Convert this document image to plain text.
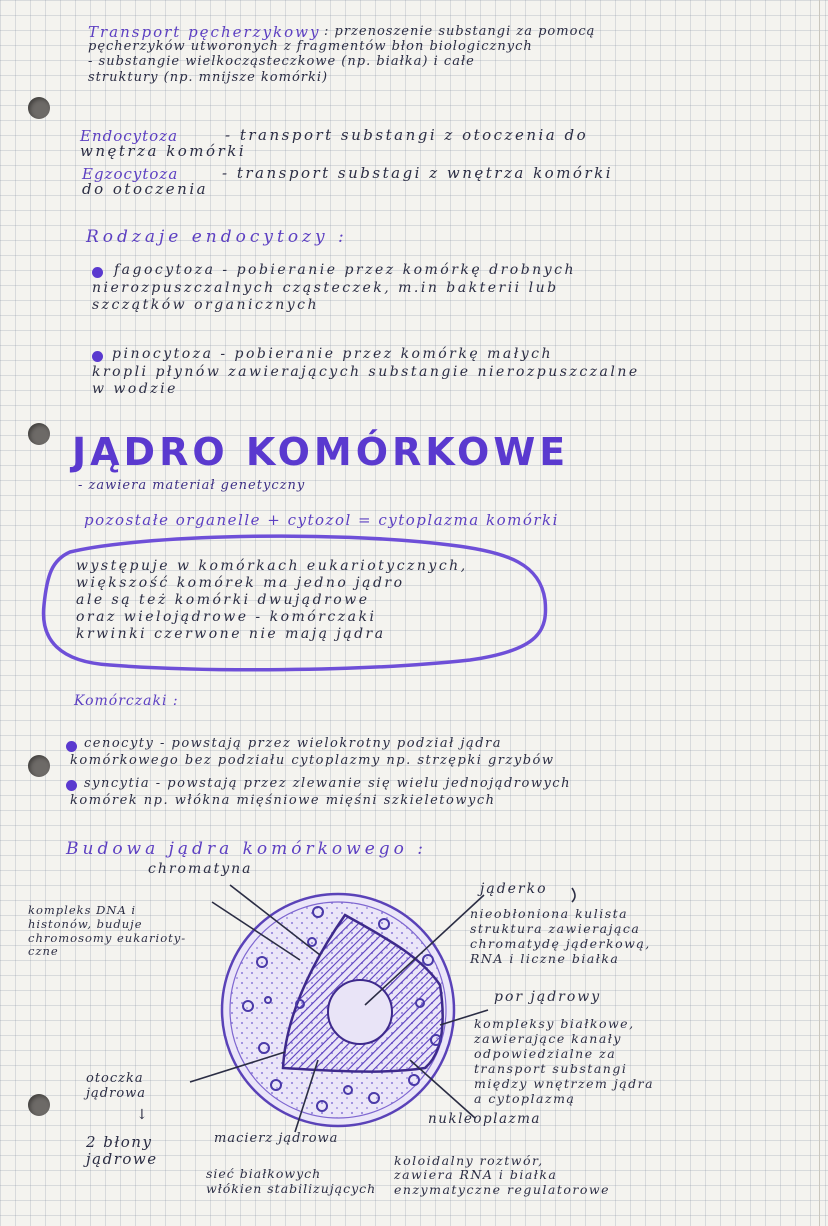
Transport pęcherzykowy : przenoszenie substangi za pomocą
pęcherzyków utworonych z fragmentów błon biologicznych
- substangie wielkocząsteczkowe (np. białka) i całe
struktury (np. mnijsze komórki)
Endocytoza	- transport substangi z otoczenia do
wnętrza komórki
Egzocytoza	- transport substagi z wnętrza komórki
do otoczenia
Rodzaje endocytozy :
fagocytoza - pobieranie przez komórkę drobnych
nierozpuszczalnych cząsteczek, m.in bakterii lub
szczątków organicznych
pinocytoza - pobieranie przez komórkę małych
kropli płynów zawierających substangie nierozpuszczalne
w wodzie
JĄDRO KOMÓRKOWE
- zawiera materiał genetyczny
pozostałe organelle + cytozol = cytoplazma komórki
występuje w komórkach eukariotycznych,
większość komórek ma jedno jądro
ale są też komórki dwujądrowe
oraz wielojądrowe - komórczaki
krwinki czerwone nie mają jądra
Komórczaki :
cenocyty - powstają przez wielokrotny podział jądra
komórkowego bez podziału cytoplazmy np. strzępki grzybów
syncytia - powstają przez zlewanie się wielu jednojądrowych
komórek np. włókna mięśniowe mięśni szkieletowych
Budowa jądra komórkowego :
chromatyna
kompleks DNA i
histonów, buduje
chromosomy eukarioty-
czne
jąderko
nieobłoniona kulista
struktura zawierająca
chromatydę jąderkową,
RNA i liczne białka
por jądrowy
kompleksy białkowe,
zawierające kanały
odpowiedzialne za
transport substangi
między wnętrzem jądra
a cytoplazmą
otoczka
jądrowa
↓
2 błony
jądrowe
macierz jądrowa
sieć białkowych
włókien stabilizujących
nukleoplazma
koloidalny roztwór,
zawiera RNA i białka
enzymatyczne regulatorowe
